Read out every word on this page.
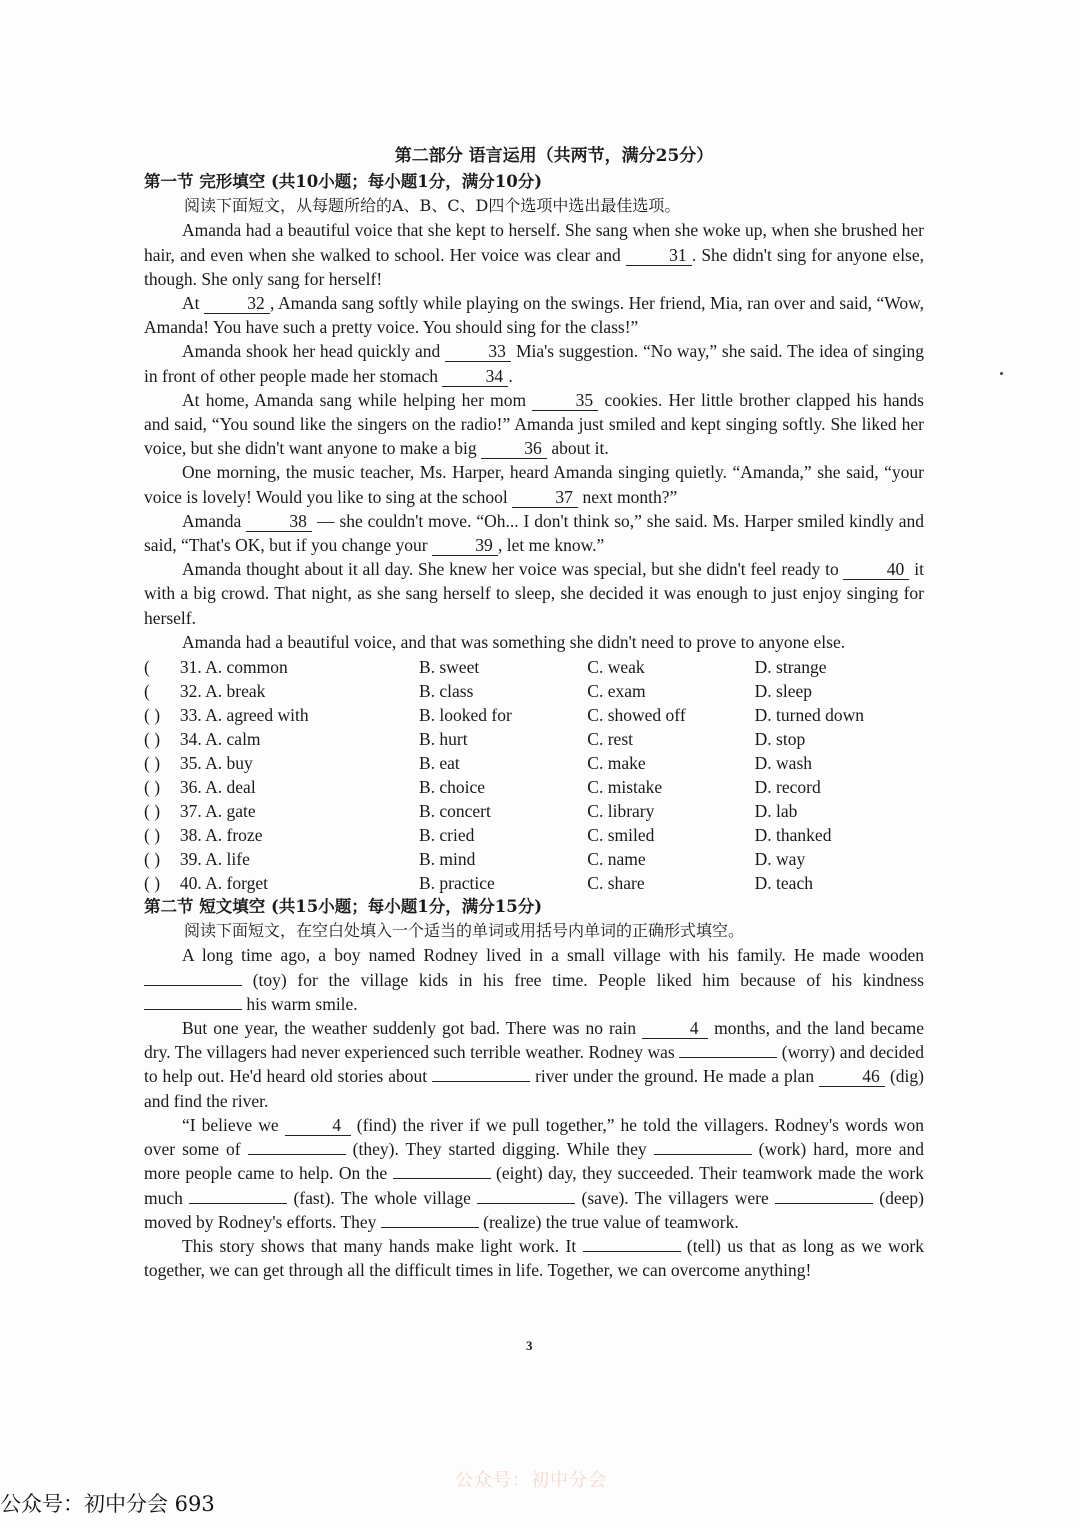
第二部分 语言运用（共两节，满分25分）
第一节 完形填空 (共10小题；每小题1分，满分10分)
阅读下面短文，从每题所给的A、B、C、D四个选项中选出最佳选项。

Amanda had a beautiful voice that she kept to herself. She sang when she woke up, when she brushed her hair, and even when she walked to school. Her voice was clear and 31 . She didn't sing for anyone else, though. She only sang for herself!

At 32 , Amanda sang softly while playing on the swings. Her friend, Mia, ran over and said, “Wow, Amanda! You have such a pretty voice. You should sing for the class!”

Amanda shook her head quickly and 33 Mia's suggestion. “No way,” she said. The idea of singing in front of other people made her stomach 34 .

At home, Amanda sang while helping her mom 35 cookies. Her little brother clapped his hands and said, “You sound like the singers on the radio!” Amanda just smiled and kept singing softly. She liked her voice, but she didn't want anyone to make a big 36 about it.

One morning, the music teacher, Ms. Harper, heard Amanda singing quietly. “Amanda,” she said, “your voice is lovely! Would you like to sing at the school 37 next month?”

Amanda 38 — she couldn't move. “Oh... I don't think so,” she said. Ms. Harper smiled kindly and said, “That's OK, but if you change your 39 , let me know.”

Amanda thought about it all day. She knew her voice was special, but she didn't feel ready to 40 it with a big crowd. That night, as she sang herself to sleep, she decided it was enough to just enjoy singing for herself.

Amanda had a beautiful voice, and that was something she didn't need to prove to anyone else.

(	31. A. common	B. sweet	C. weak	D. strange
(	32. A. break	B. class	C. exam	D. sleep
( )	33. A. agreed with	B. looked for	C. showed off	D. turned down
( )	34. A. calm	B. hurt	C. rest	D. stop
( )	35. A. buy	B. eat	C. make	D. wash
( )	36. A. deal	B. choice	C. mistake	D. record
( )	37. A. gate	B. concert	C. library	D. lab
( )	38. A. froze	B. cried	C. smiled	D. thanked
( )	39. A. life	B. mind	C. name	D. way
( )	40. A. forget	B. practice	C. share	D. teach
第二节 短文填空 (共15小题；每小题1分，满分15分)
阅读下面短文，在空白处填入一个适当的单词或用括号内单词的正确形式填空。

A long time ago, a boy named Rodney lived in a small village with his family. He made wooden  (toy) for the village kids in his free time. People liked him because of his kindness  his warm smile.

But one year, the weather suddenly got bad. There was no rain	4 months, and the land became dry. The villagers had never experienced such terrible weather. Rodney was	(worry) and decided to help out. He'd heard old stories about	river under the ground. He made a plan 46 (dig) and find the river.

“I believe we	4 (find) the river if we pull together,” he told the villagers. Rodney's words won over some of	(they). They started digging. While they	(work) hard, more and more people came to help. On the	(eight) day, they succeeded. Their teamwork made the work much	(fast). The whole village	(save). The villagers were	(deep) moved by Rodney's efforts. They	(realize) the true value of teamwork.

This story shows that many hands make light work. It	(tell) us that as long as we work together, we can get through all the difficult times in life. Together, we can overcome anything!

3
公众号：初中分会
公众号：初中分会 693
